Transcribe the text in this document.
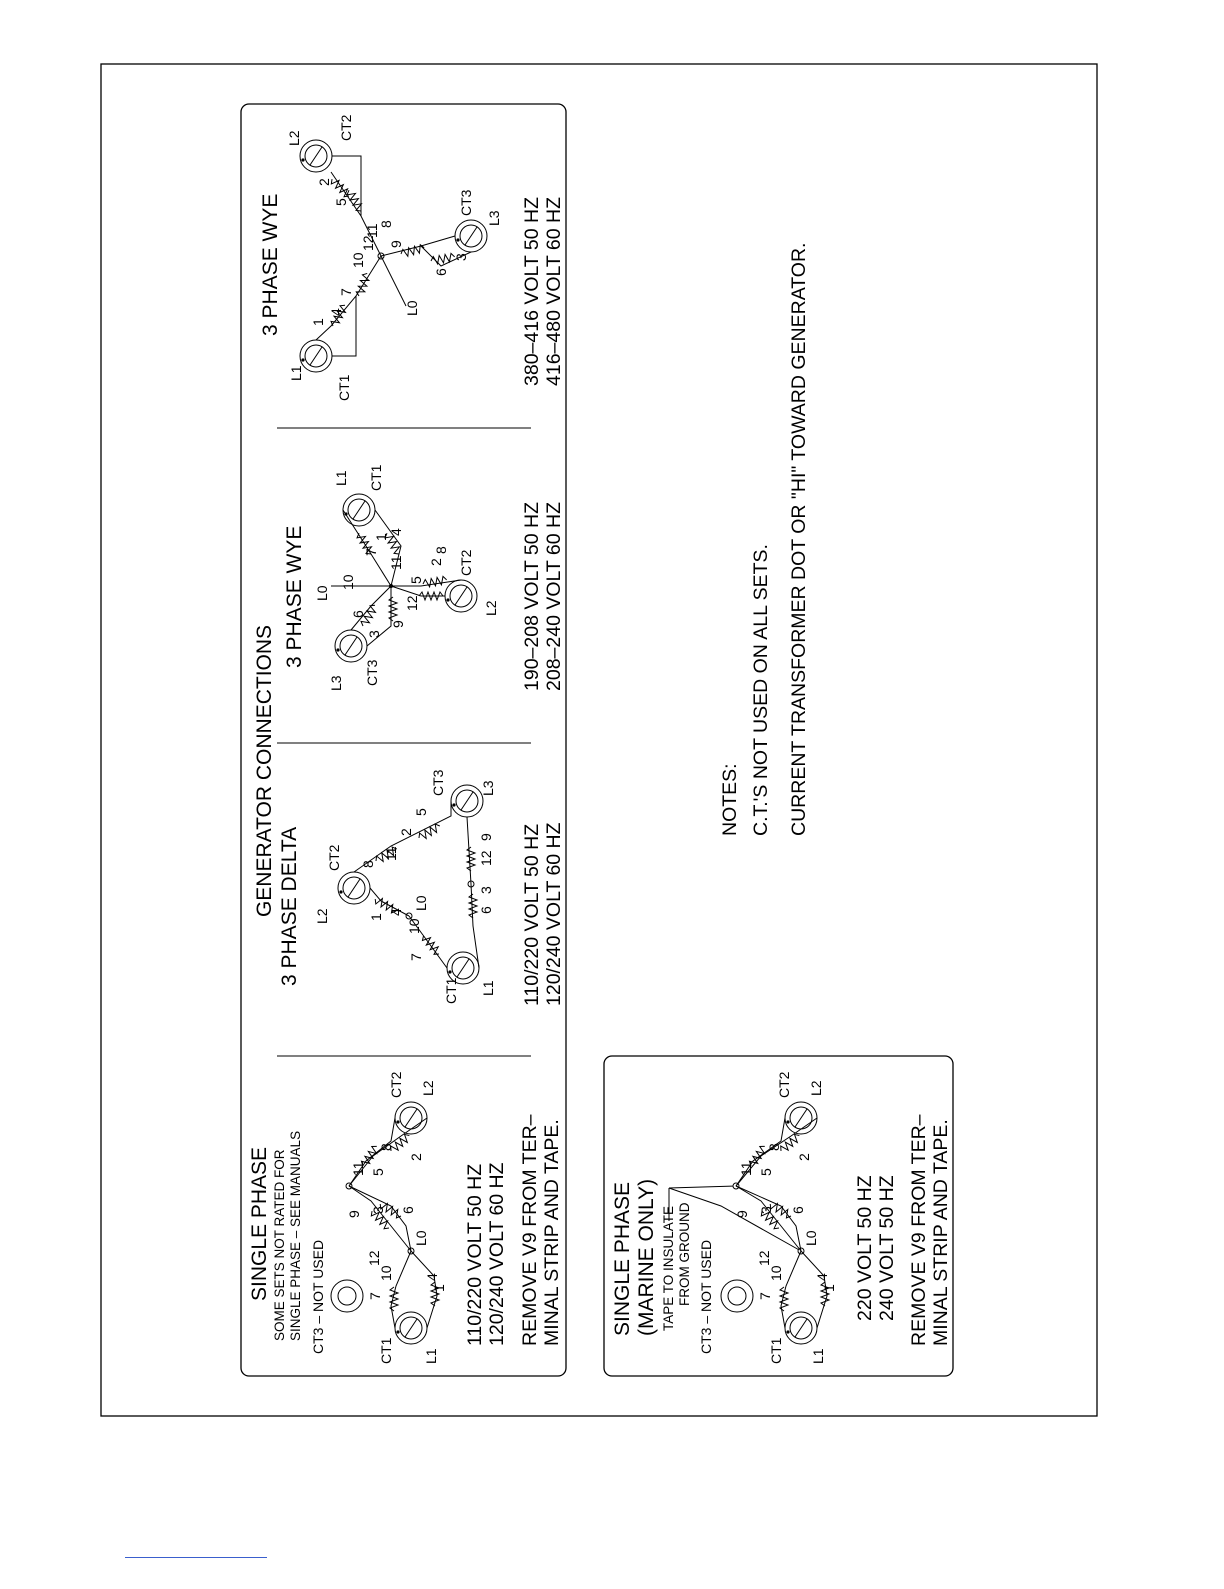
GENERATOR CONNECTIONS
SINGLE PHASE SOME SETS NOT RATED FOR SINGLE PHASE – SEE MANUALS CT3 – NOT USED	CT1 L1
CT2 L2
7
10
1
4
L0
12
9
3 6
11 5
8
2
110/220 VOLT 50 HZ 120/240 VOLT 60 HZ REMOVE V9 FROM TER– MINAL STRIP AND TAPE.
3 PHASE DELTA
CT1 L1
CT2
L2
CT3 L3
7
10
L0
1
4
8
11
2
5
6
3
12
9 110/220 VOLT 50 HZ 120/240 VOLT 60 HZ
3 PHASE WYE
L3 CT3
L2
CT2
L1 CT1
L0
3
6
9
12
10	5
2
7
1
11
4
8	190–208 VOLT 50 HZ 208–240 VOLT 60 HZ
3 PHASE WYE
L1
CT1
L2	CT2
CT3
L3
L0
1
4
7
10
12
11
8
9
6
3
5
2
380–416 VOLT 50 HZ 416–480 VOLT 60 HZ
SINGLE PHASE (MARINE ONLY) TAPE TO INSULATE FROM GROUND CT3 – NOT USED	CT1 L1
CT2 L2
7
10
1
4
L0
12
9
3 6
11 5
8
2
220 VOLT 50 HZ 240 VOLT 50 HZ REMOVE V9 FROM TER– MINAL STRIP AND TAPE.
NOTES: C.T.'S NOT USED ON ALL SETS. CURRENT TRANSFORMER DOT OR "HI" TOWARD GENERATOR.
